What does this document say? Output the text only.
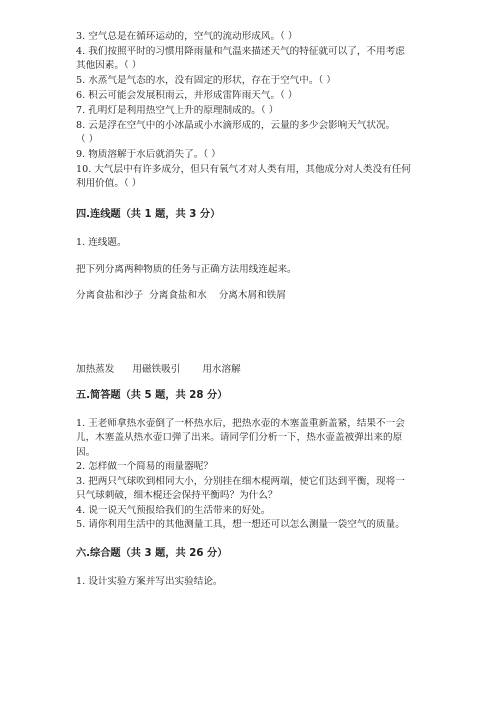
3. 空气总是在循环运动的，空气的流动形成风。（ ）
4. 我们按照平时的习惯用降雨量和气温来描述天气的特征就可以了，不用考虑
其他因素。（ ）
5. 水蒸气是气态的水，没有固定的形状，存在于空气中。（ ）
6. 积云可能会发展积雨云，并形成雷阵雨天气。（ ）
7. 孔明灯是利用热空气上升的原理制成的。（ ）
8. 云是浮在空气中的小冰晶或小水滴形成的，云量的多少会影响天气状况。
（ ）
9. 物质溶解于水后就消失了。（ ）
10. 大气层中有许多成分，但只有氧气才对人类有用，其他成分对人类没有任何
利用价值。（ ）
四.连线题（共 1 题，共 3 分）
1. 连线题。
把下列分离两种物质的任务与正确方法用线连起来。
分离食盐和沙子 分离食盐和水 分离木屑和铁屑
加热蒸发 用磁铁吸引 用水溶解
五.简答题（共 5 题，共 28 分）
1. 王老师拿热水壶倒了一杯热水后，把热水壶的木塞盖重新盖紧，结果不一会
儿，木塞盖从热水壶口弹了出来。请同学们分析一下，热水壶盖被弹出来的原
因。
2. 怎样做一个简易的雨量器呢？
3. 把两只气球吹到相同大小，分别挂在细木棍两端，使它们达到平衡，现将一
只气球刺破，细木棍还会保持平衡吗？为什么？
4. 说一说天气预报给我们的生活带来的好处。
5. 请你利用生活中的其他测量工具，想一想还可以怎么测量一袋空气的质量。
六.综合题（共 3 题，共 26 分）
1. 设计实验方案并写出实验结论。
